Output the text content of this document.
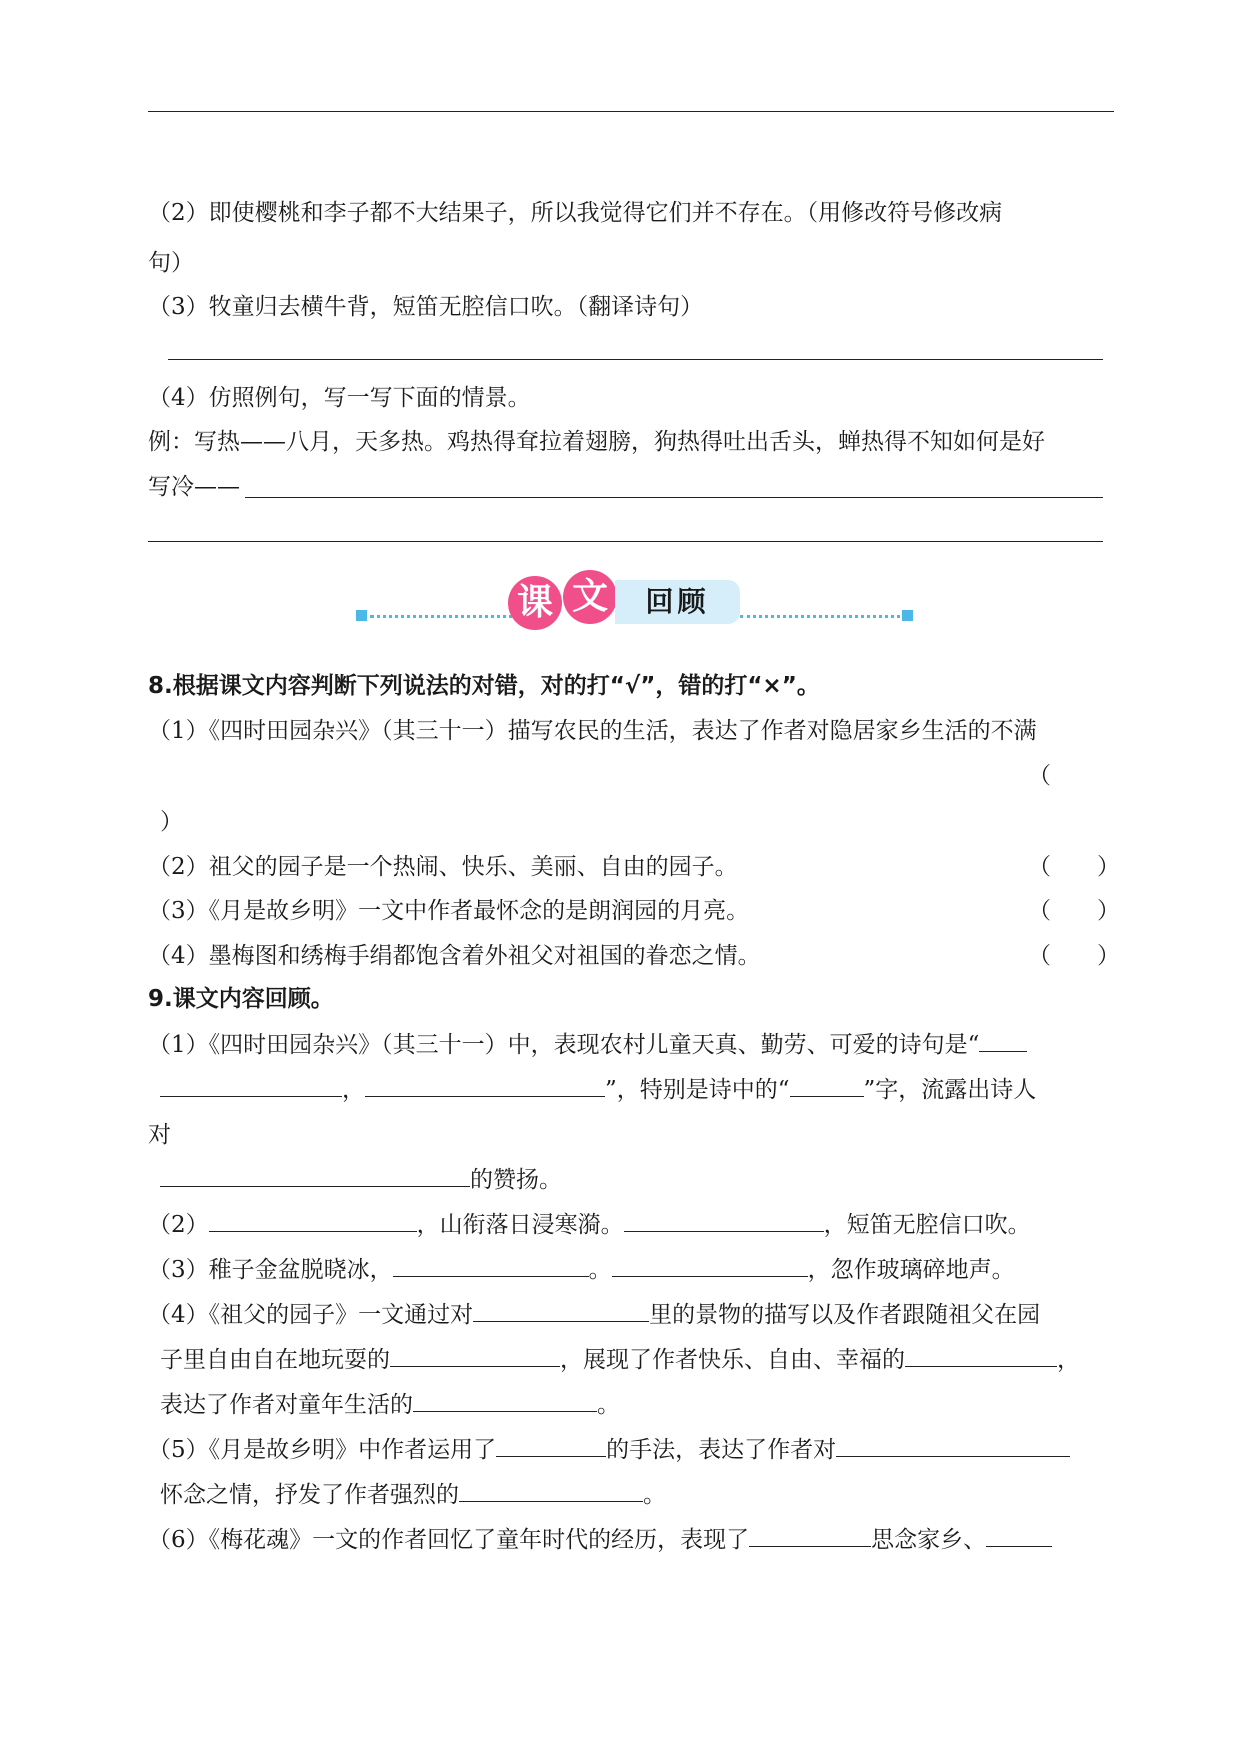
（2）即使樱桃和李子都不大结果子，所以我觉得它们并不存在。（用修改符号修改病
句）
（3）牧童归去横牛背，短笛无腔信口吹。（翻译诗句）
（4）仿照例句，写一写下面的情景。
例：写热——八月，天多热。鸡热得耷拉着翅膀，狗热得吐出舌头，蝉热得不知如何是好
写冷——
课 文	回顾
8.根据课文内容判断下列说法的对错，对的打“√”，错的打“×”。
（1）《四时田园杂兴》（其三十一）描写农民的生活，表达了作者对隐居家乡生活的不满
（
）
（2）祖父的园子是一个热闹、快乐、美丽、自由的园子。	（　　）
（3）《月是故乡明》一文中作者最怀念的是朗润园的月亮。	（　　）
（4）墨梅图和绣梅手绢都饱含着外祖父对祖国的眷恋之情。	（　　）
9.课文内容回顾。
（1）《四时田园杂兴》（其三十一）中，表现农村儿童天真、勤劳、可爱的诗句是“
，	”，特别是诗中的“	”字，流露出诗人
对
的赞扬。
（2）	，山衔落日浸寒漪。	，短笛无腔信口吹。
（3）稚子金盆脱晓冰，	。	，忽作玻璃碎地声。
（4）《祖父的园子》一文通过对	里的景物的描写以及作者跟随祖父在园
子里自由自在地玩耍的	，展现了作者快乐、自由、幸福的	，
表达了作者对童年生活的	。
（5）《月是故乡明》中作者运用了	的手法，表达了作者对
怀念之情，抒发了作者强烈的	。
（6）《梅花魂》一文的作者回忆了童年时代的经历，表现了	思念家乡、
